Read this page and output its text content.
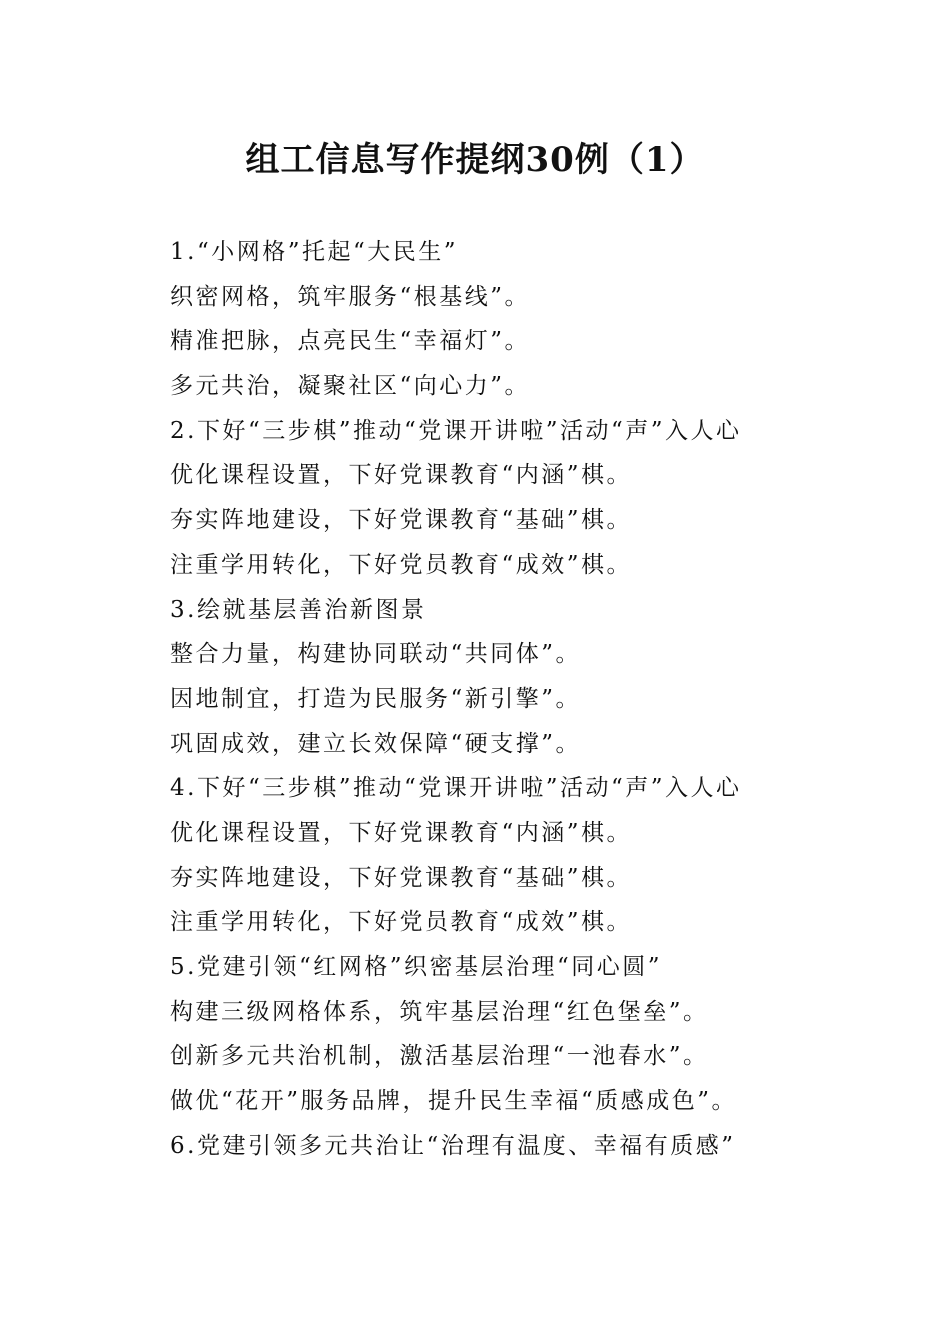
组工信息写作提纲30例（1）
1.“小网格”托起“大民生”
织密网格，筑牢服务“根基线”。
精准把脉，点亮民生“幸福灯”。
多元共治，凝聚社区“向心力”。
2.下好“三步棋”推动“党课开讲啦”活动“声”入人心
优化课程设置，下好党课教育“内涵”棋。
夯实阵地建设，下好党课教育“基础”棋。
注重学用转化，下好党员教育“成效”棋。
3.绘就基层善治新图景
整合力量，构建协同联动“共同体”。
因地制宜，打造为民服务“新引擎”。
巩固成效，建立长效保障“硬支撑”。
4.下好“三步棋”推动“党课开讲啦”活动“声”入人心
优化课程设置，下好党课教育“内涵”棋。
夯实阵地建设，下好党课教育“基础”棋。
注重学用转化，下好党员教育“成效”棋。
5.党建引领“红网格”织密基层治理“同心圆”
构建三级网格体系，筑牢基层治理“红色堡垒”。
创新多元共治机制，激活基层治理“一池春水”。
做优“花开”服务品牌，提升民生幸福“质感成色”。
6.党建引领多元共治让“治理有温度、幸福有质感”
